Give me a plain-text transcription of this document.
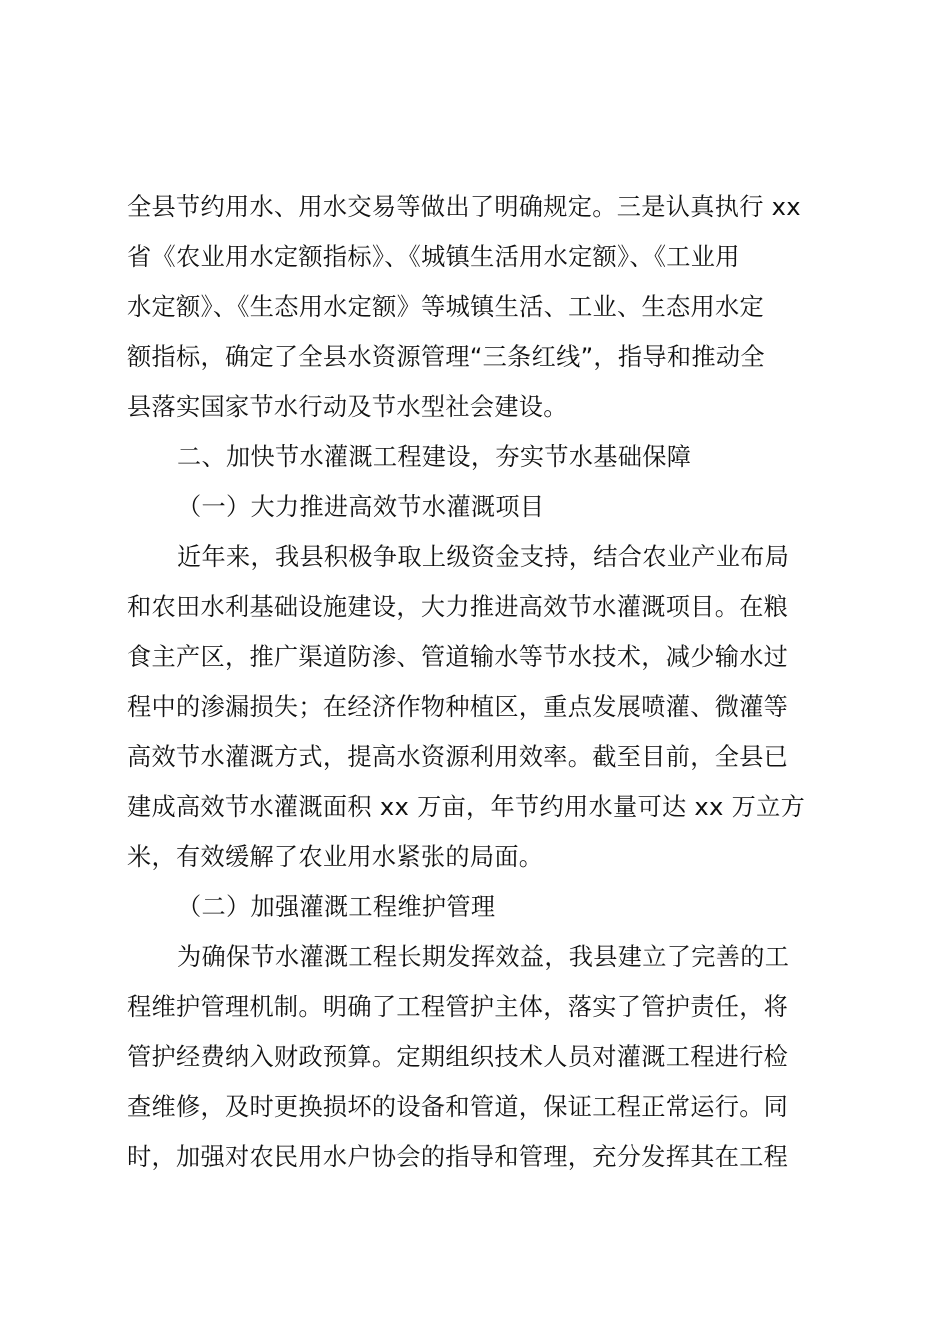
全县节约用水、用水交易等做出了明确规定。三是认真执行 xx
省《农业用水定额指标》、《城镇生活用水定额》、《工业用
水定额》、《生态用水定额》等城镇生活、工业、生态用水定
额指标，确定了全县水资源管理“三条红线”，指导和推动全
县落实国家节水行动及节水型社会建设。
二、加快节水灌溉工程建设，夯实节水基础保障
（一）大力推进高效节水灌溉项目
近年来，我县积极争取上级资金支持，结合农业产业布局
和农田水利基础设施建设，大力推进高效节水灌溉项目。在粮
食主产区，推广渠道防渗、管道输水等节水技术，减少输水过
程中的渗漏损失；在经济作物种植区，重点发展喷灌、微灌等
高效节水灌溉方式，提高水资源利用效率。截至目前，全县已
建成高效节水灌溉面积 xx 万亩，年节约用水量可达 xx 万立方
米，有效缓解了农业用水紧张的局面。
（二）加强灌溉工程维护管理
为确保节水灌溉工程长期发挥效益，我县建立了完善的工
程维护管理机制。明确了工程管护主体，落实了管护责任，将
管护经费纳入财政预算。定期组织技术人员对灌溉工程进行检
查维修，及时更换损坏的设备和管道，保证工程正常运行。同
时，加强对农民用水户协会的指导和管理，充分发挥其在工程
